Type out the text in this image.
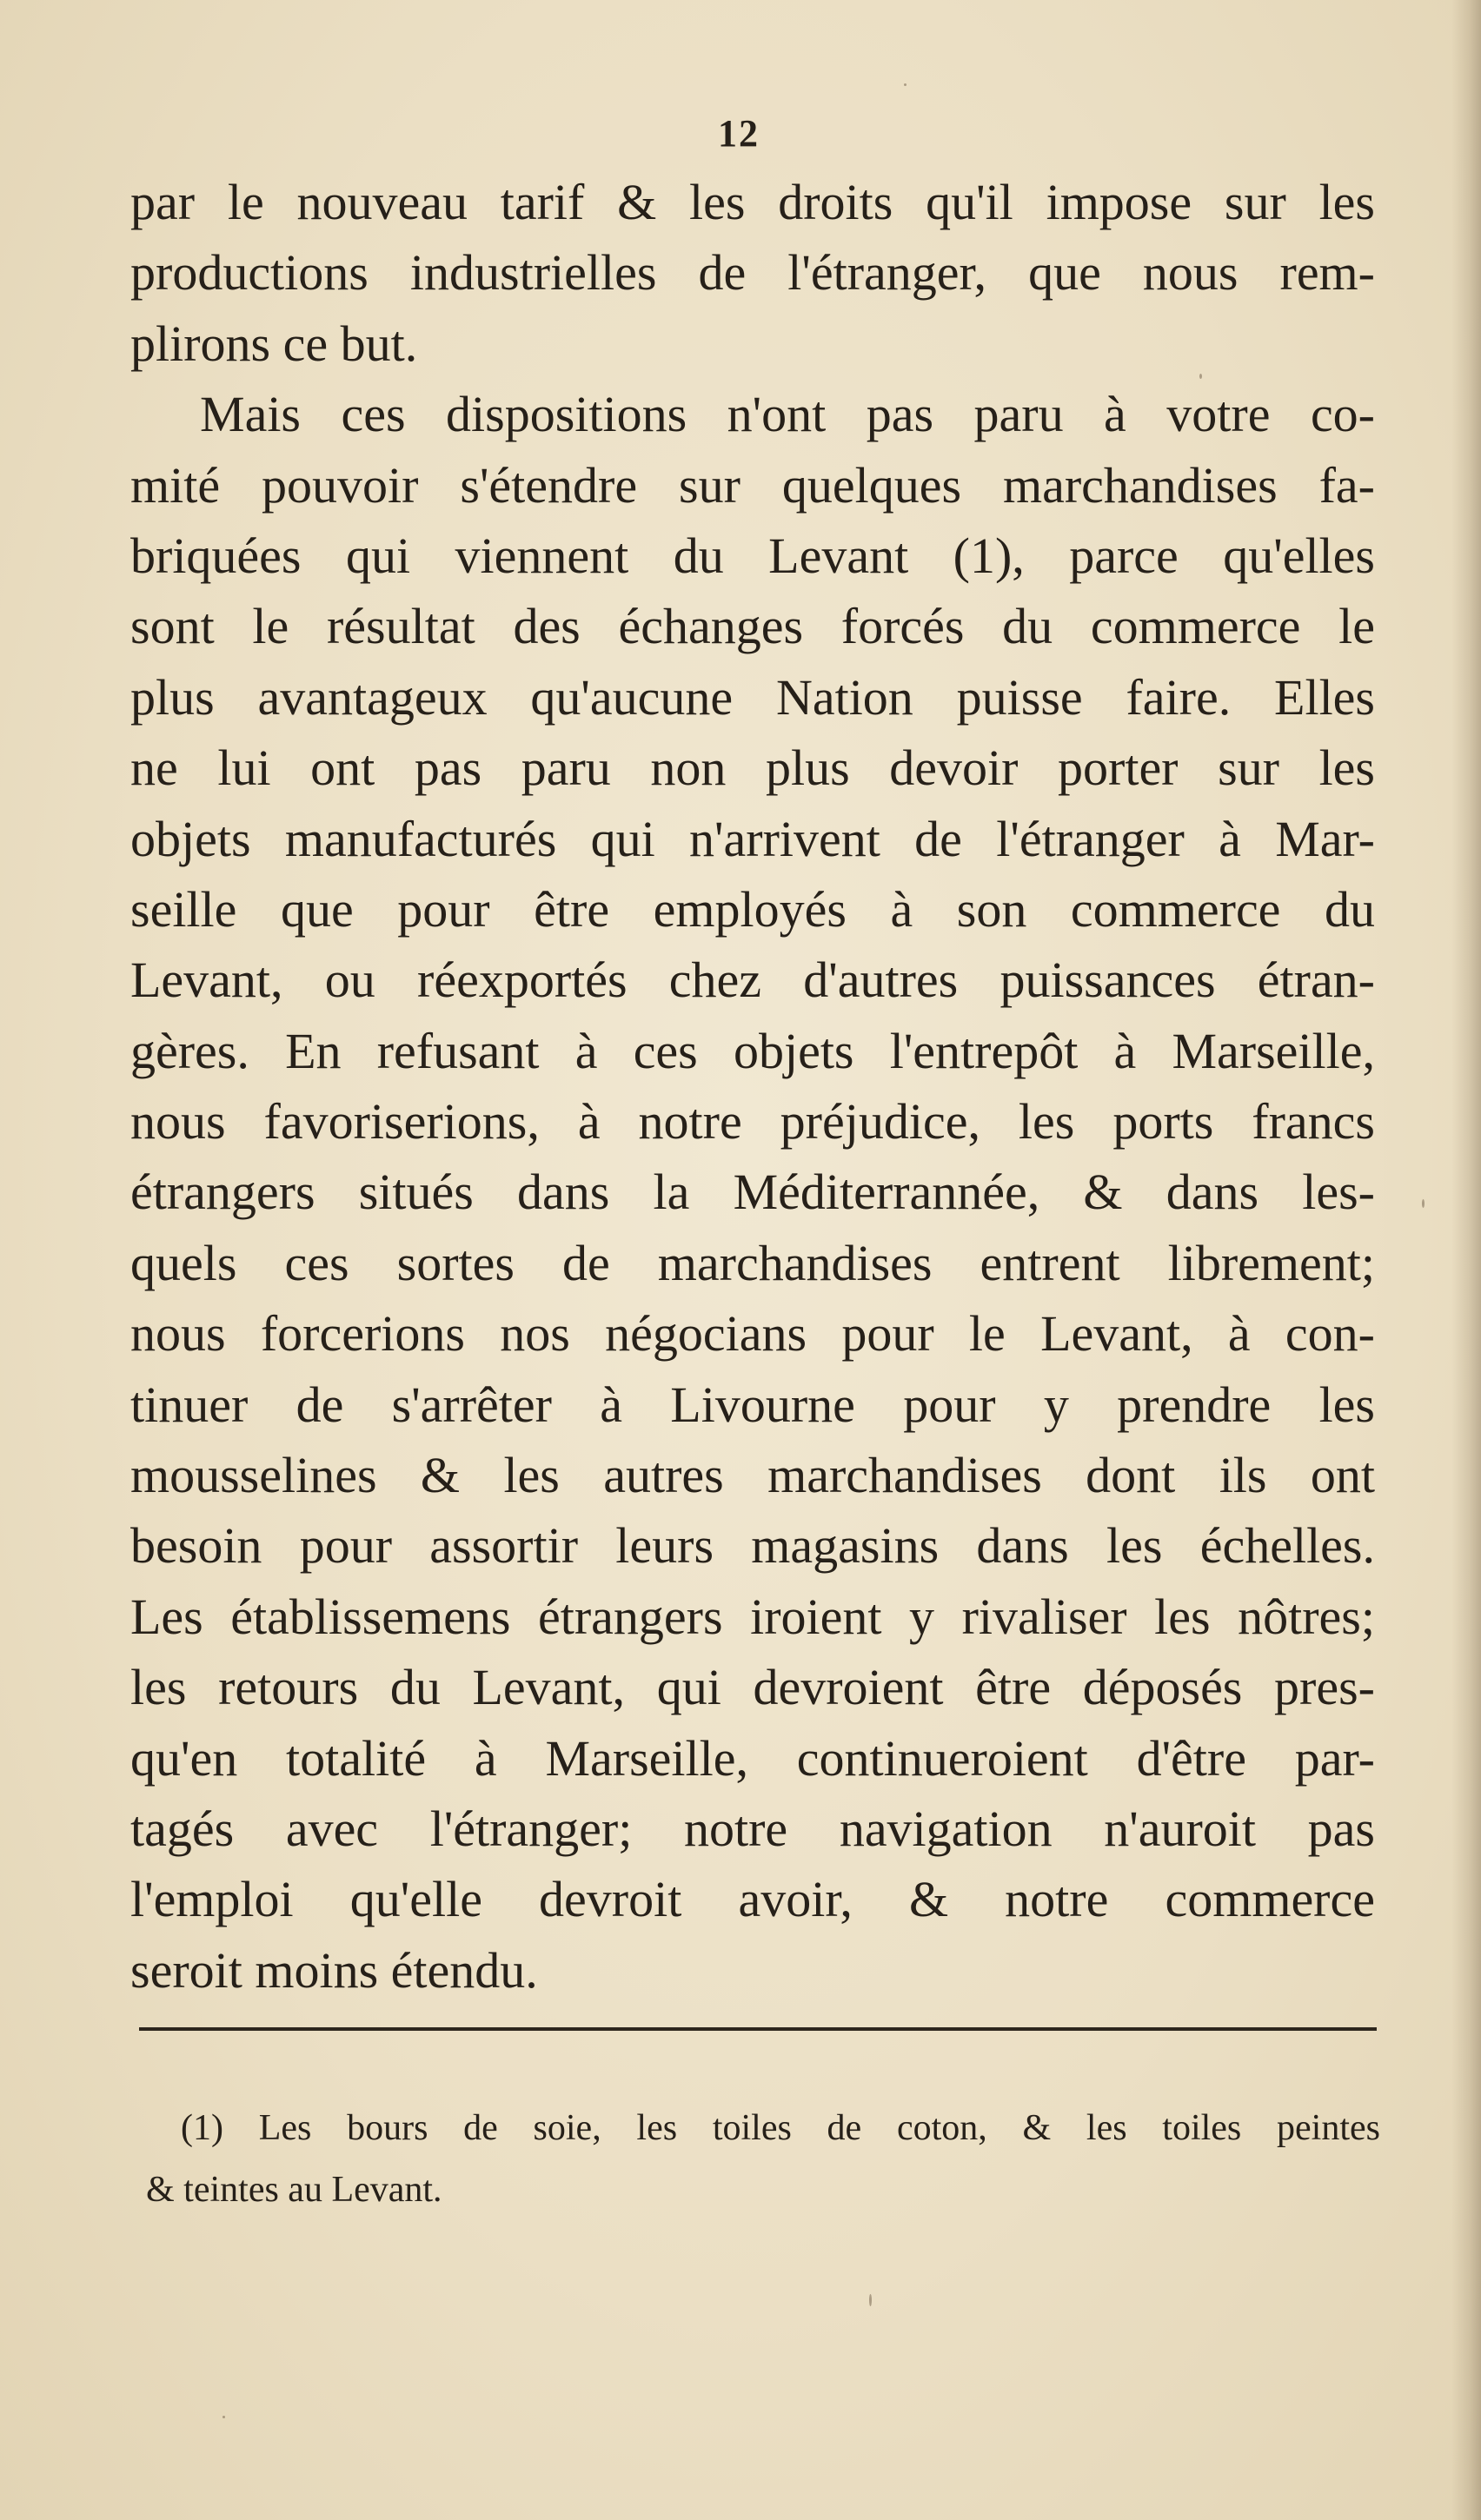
12
par le nouveau tarif & les droits qu'il impose sur les
productions industrielles de l'étranger, que nous rem-
plirons ce but.
Mais ces dispositions n'ont pas paru à votre co-
mité pouvoir s'étendre sur quelques marchandises fa-
briquées qui viennent du Levant (1), parce qu'elles
sont le résultat des échanges forcés du commerce le
plus avantageux qu'aucune Nation puisse faire. Elles
ne lui ont pas paru non plus devoir porter sur les
objets manufacturés qui n'arrivent de l'étranger à Mar-
seille que pour être employés à son commerce du
Levant, ou réexportés chez d'autres puissances étran-
gères. En refusant à ces objets l'entrepôt à Marseille,
nous favoriserions, à notre préjudice, les ports francs
étrangers situés dans la Méditerrannée, & dans les-
quels ces sortes de marchandises entrent librement;
nous forcerions nos négocians pour le Levant, à con-
tinuer de s'arrêter à Livourne pour y prendre les
mousselines & les autres marchandises dont ils ont
besoin pour assortir leurs magasins dans les échelles.
Les établissemens étrangers iroient y rivaliser les nôtres;
les retours du Levant, qui devroient être déposés pres-
qu'en totalité à Marseille, continueroient d'être par-
tagés avec l'étranger; notre navigation n'auroit pas
l'emploi qu'elle devroit avoir, & notre commerce
seroit moins étendu.
(1) Les bours de soie, les toiles de coton, & les toiles peintes
& teintes au Levant.
